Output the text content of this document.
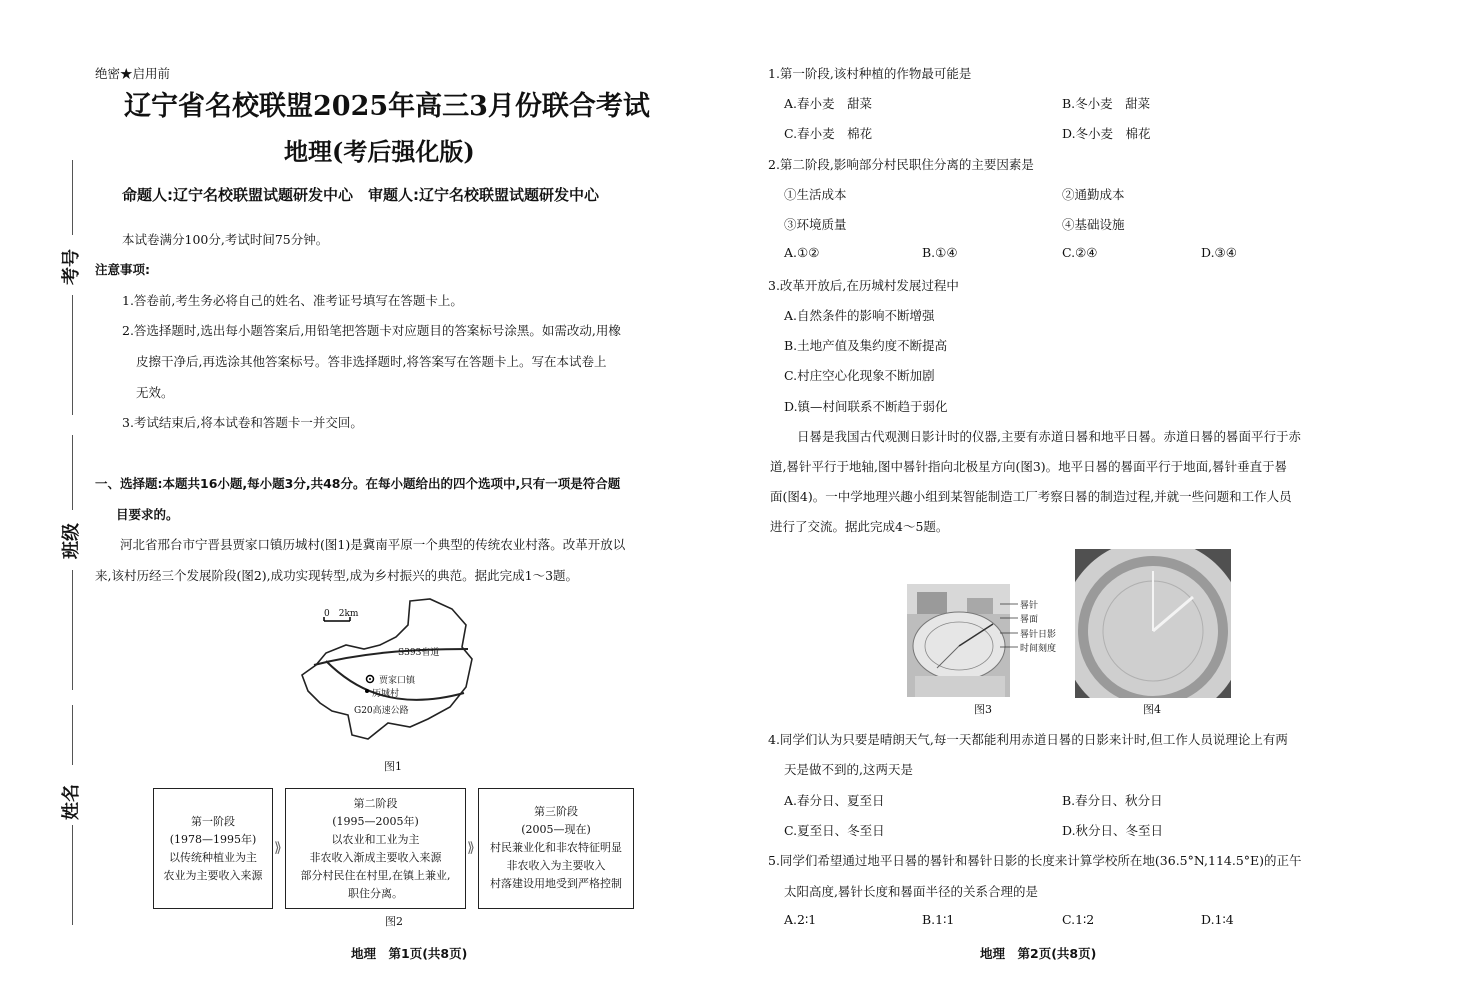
绝密★启用前
辽宁省名校联盟2025年高三3月份联合考试
地理(考后强化版)
命题人:辽宁名校联盟试题研发中心　审题人:辽宁名校联盟试题研发中心
考号
班级
姓名
本试卷满分100分,考试时间75分钟。
注意事项:
1.答卷前,考生务必将自己的姓名、准考证号填写在答题卡上。
2.答选择题时,选出每小题答案后,用铅笔把答题卡对应题目的答案标号涂黑。如需改动,用橡
皮擦干净后,再选涂其他答案标号。答非选择题时,将答案写在答题卡上。写在本试卷上
无效。
3.考试结束后,将本试卷和答题卡一并交回。
一、选择题:本题共16小题,每小题3分,共48分。在每小题给出的四个选项中,只有一项是符合题
目要求的。
河北省邢台市宁晋县贾家口镇历城村(图1)是冀南平原一个典型的传统农业村落。改革开放以
来,该村历经三个发展阶段(图2),成功实现转型,成为乡村振兴的典范。据此完成1～3题。
0　2km
S393省道
贾家口镇
历城村
G20高速公路
图1
第一阶段
(1978—1995年)
以传统种植业为主
农业为主要收入来源
⟫
第二阶段
(1995—2005年)
以农业和工业为主
非农收入渐成主要收入来源
部分村民住在村里,在镇上兼业,
职住分离。
⟫
第三阶段
(2005—现在)
村民兼业化和非农特征明显
非农收入为主要收入
村落建设用地受到严格控制
图2
地理　第1页(共8页)
1.第一阶段,该村种植的作物最可能是
A.春小麦　甜菜	B.冬小麦　甜菜
C.春小麦　棉花	D.冬小麦　棉花
2.第二阶段,影响部分村民职住分离的主要因素是
①生活成本	②通勤成本
③环境质量	④基础设施
A.①②	B.①④	C.②④	D.③④
3.改革开放后,在历城村发展过程中
A.自然条件的影响不断增强
B.土地产值及集约度不断提高
C.村庄空心化现象不断加剧
D.镇—村间联系不断趋于弱化
日晷是我国古代观测日影计时的仪器,主要有赤道日晷和地平日晷。赤道日晷的晷面平行于赤
道,晷针平行于地轴,图中晷针指向北极星方向(图3)。地平日晷的晷面平行于地面,晷针垂直于晷
面(图4)。一中学地理兴趣小组到某智能制造工厂考察日晷的制造过程,并就一些问题和工作人员
进行了交流。据此完成4～5题。
晷针
晷面
晷针日影
时间刻度
图3	图4
4.同学们认为只要是晴朗天气,每一天都能利用赤道日晷的日影来计时,但工作人员说理论上有两
天是做不到的,这两天是
A.春分日、夏至日	B.春分日、秋分日
C.夏至日、冬至日	D.秋分日、冬至日
5.同学们希望通过地平日晷的晷针和晷针日影的长度来计算学校所在地(36.5°N,114.5°E)的正午
太阳高度,晷针长度和晷面半径的关系合理的是
A.2∶1	B.1∶1	C.1∶2	D.1∶4
地理　第2页(共8页)
